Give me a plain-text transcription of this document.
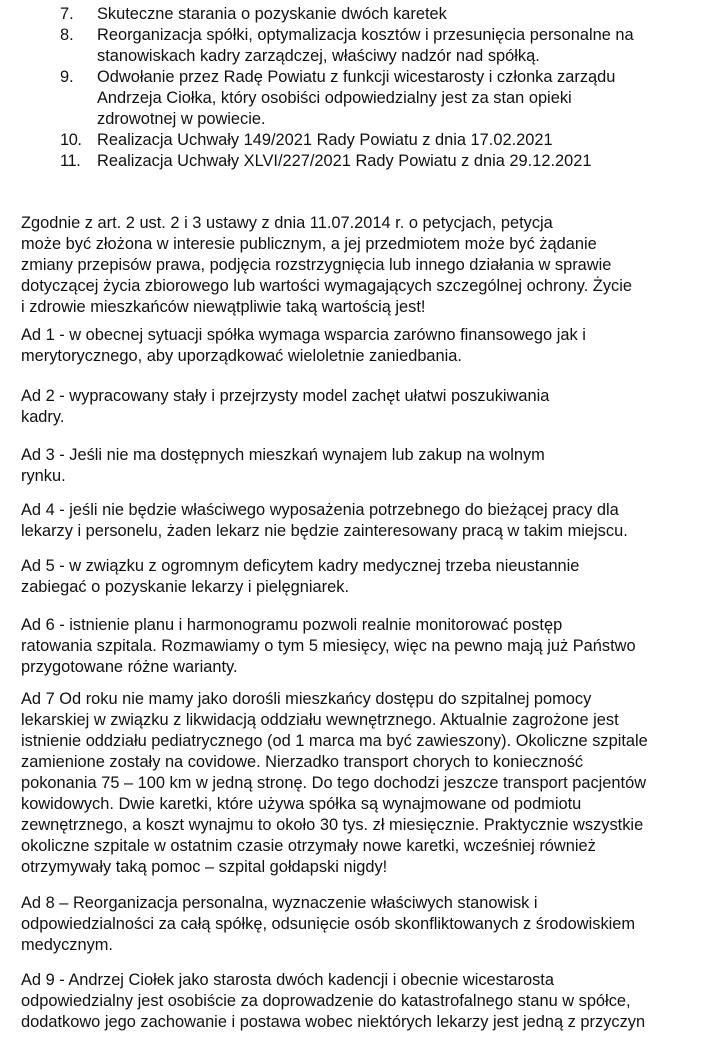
7.	Skuteczne starania o pozyskanie dwóch karetek
8.	Reorganizacja spółki, optymalizacja kosztów i przesunięcia personalne na
stanowiskach kadry zarządczej, właściwy nadzór nad spółką.
9.	Odwołanie przez Radę Powiatu z funkcji wicestarosty i członka zarządu
Andrzeja Ciołka, który osobiści odpowiedzialny jest za stan opieki
zdrowotnej w powiecie.
10. Realizacja Uchwały 149/2021 Rady Powiatu z dnia 17.02.2021
11.	Realizacja Uchwały XLVI/227/2021 Rady Powiatu z dnia 29.12.2021

Zgodnie z art. 2 ust. 2 i 3 ustawy z dnia 11.07.2014 r. o petycjach, petycja
może być złożona w interesie publicznym, a jej przedmiotem może być żądanie
zmiany przepisów prawa, podjęcia rozstrzygnięcia lub innego działania w sprawie
dotyczącej życia zbiorowego lub wartości wymagających szczególnej ochrony. Życie
i zdrowie mieszkańców niewątpliwie taką wartością jest!

Ad 1 - w obecnej sytuacji spółka wymaga wsparcia zarówno finansowego jak i
merytorycznego, aby uporządkować wieloletnie zaniedbania.

Ad 2 - wypracowany stały i przejrzysty model zachęt ułatwi poszukiwania
kadry.

Ad 3 - Jeśli nie ma dostępnych mieszkań wynajem lub zakup na wolnym
rynku.

Ad 4 - jeśli nie będzie właściwego wyposażenia potrzebnego do bieżącej pracy dla
lekarzy i personelu, żaden lekarz nie będzie zainteresowany pracą w takim miejscu.

Ad 5 - w związku z ogromnym deficytem kadry medycznej trzeba nieustannie
zabiegać o pozyskanie lekarzy i pielęgniarek.

Ad 6 - istnienie planu i harmonogramu pozwoli realnie monitorować postęp
ratowania szpitala. Rozmawiamy o tym 5 miesięcy, więc na pewno mają już Państwo
przygotowane różne warianty.

Ad 7 Od roku nie mamy jako dorośli mieszkańcy dostępu do szpitalnej pomocy
lekarskiej w związku z likwidacją oddziału wewnętrznego. Aktualnie zagrożone jest
istnienie oddziału pediatrycznego (od 1 marca ma być zawieszony). Okoliczne szpitale
zamienione zostały na covidowe. Nierzadko transport chorych to konieczność
pokonania 75 – 100 km w jedną stronę. Do tego dochodzi jeszcze transport pacjentów
kowidowych. Dwie karetki, które używa spółka są wynajmowane od podmiotu
zewnętrznego, a koszt wynajmu to około 30 tys. zł miesięcznie. Praktycznie wszystkie
okoliczne szpitale w ostatnim czasie otrzymały nowe karetki, wcześniej również
otrzymywały taką pomoc – szpital gołdapski nigdy!

Ad 8 – Reorganizacja personalna, wyznaczenie właściwych stanowisk i
odpowiedzialności za całą spółkę, odsunięcie osób skonfliktowanych z środowiskiem
medycznym.

Ad 9 - Andrzej Ciołek jako starosta dwóch kadencji i obecnie wicestarosta
odpowiedzialny jest osobiście za doprowadzenie do katastrofalnego stanu w spółce,
dodatkowo jego zachowanie i postawa wobec niektórych lekarzy jest jedną z przyczyn
